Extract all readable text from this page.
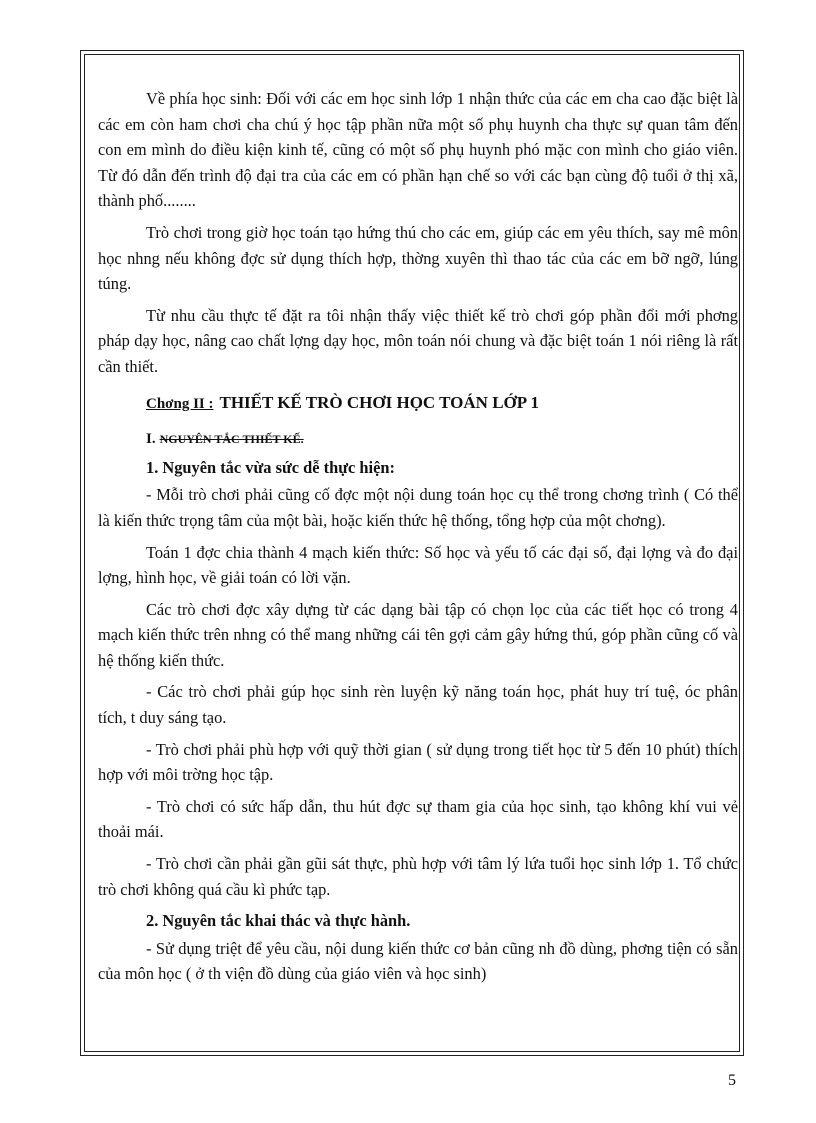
Về phía học sinh: Đối với các em học sinh lớp 1 nhận thức của các em cha cao đặc biệt là các em còn ham chơi cha chú ý học tập phần nữa một số phụ huynh cha thực sự quan tâm đến con em mình do điều kiện kinh tế, cũng có một số phụ huynh phó mặc con mình cho giáo viên. Từ đó dẫn đến trình độ đại tra của các em có phần hạn chế so với các bạn cùng độ tuổi ở thị xã, thành phố........

Trò chơi trong giờ học toán tạo hứng thú cho các em, giúp các em yêu thích, say mê môn học nhng nếu không đợc sử dụng thích hợp, thờng xuyên thì thao tác của các em bỡ ngỡ, lúng túng.

Từ nhu cầu thực tế đặt ra tôi nhận thấy việc thiết kế trò chơi góp phần đổi mới phơng pháp dạy học, nâng cao chất lợng dạy học, môn toán nói chung và đặc biệt toán 1 nói riêng là rất cần thiết.

Chơng II : THIẾT KẾ TRÒ CHƠI HỌC TOÁN LỚP 1
I. NGUYÊN TẮC THIẾT KẾ.
1. Nguyên tắc vừa sức dễ thực hiện:

- Mỗi trò chơi phải cũng cố đợc một nội dung toán học cụ thể trong chơng trình ( Có thể là kiến thức trọng tâm của một bài, hoặc kiến thức hệ thống, tổng hợp của một chơng).

Toán 1 đợc chia thành 4 mạch kiến thức: Số học và yếu tố các đại số, đại lợng và đo đại lợng, hình học, về giải toán có lời vặn.

Các trò chơi đợc xây dựng từ các dạng bài tập có chọn lọc của các tiết học có trong 4 mạch kiến thức trên nhng có thể mang những cái tên gợi cảm gây hứng thú, góp phần cũng cố và hệ thống kiến thức.

- Các trò chơi phải gúp học sinh rèn luyện kỹ năng toán học, phát huy trí tuệ, óc phân tích, t duy sáng tạo.

- Trò chơi phải phù hợp với quỹ thời gian ( sử dụng trong tiết học từ 5 đến 10 phút) thích hợp với môi trờng học tập.

- Trò chơi có sức hấp dẫn, thu hút đợc sự tham gia của học sinh, tạo không khí vui vẻ thoải mái.

- Trò chơi cần phải gần gũi sát thực, phù hợp với tâm lý lứa tuổi học sinh lớp 1. Tổ chức trò chơi không quá cầu kì phức tạp.

2. Nguyên tắc khai thác và thực hành.

- Sử dụng triệt để yêu cầu, nội dung kiến thức cơ bản cũng nh đồ dùng, phơng tiện có sẵn của môn học ( ở th viện đồ dùng của giáo viên và học sinh)

5
